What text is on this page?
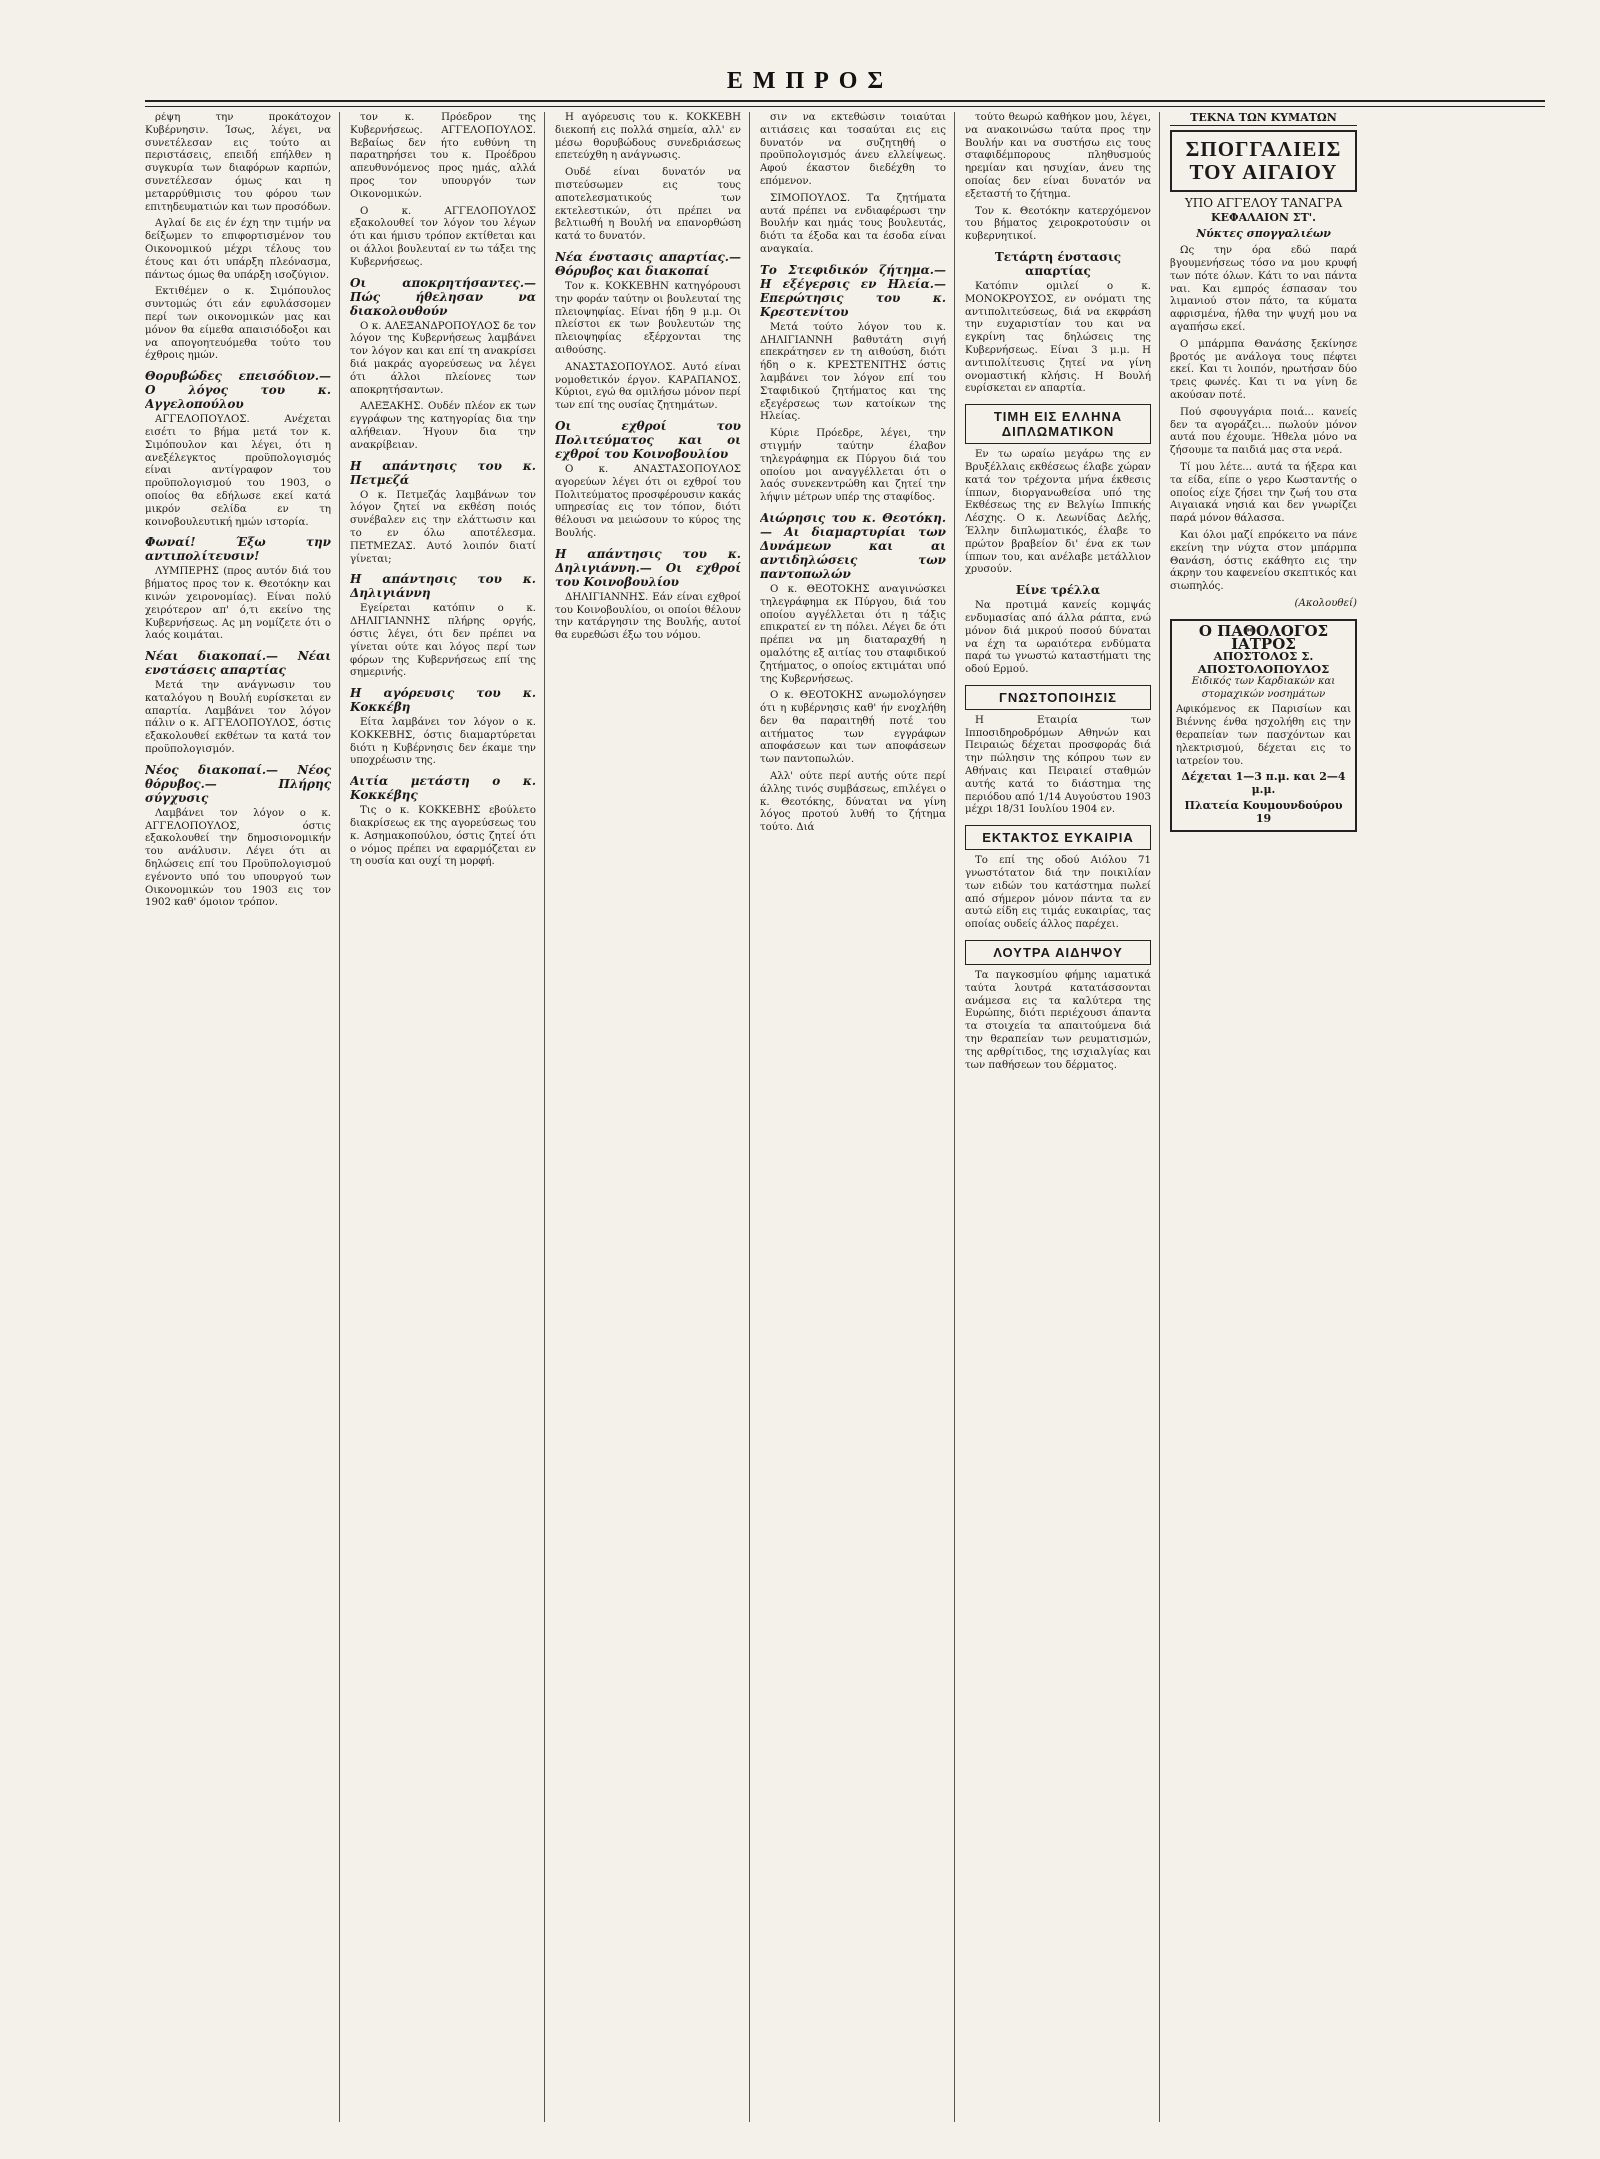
ΕΜΠΡΟΣ

ρέψη την προκάτοχον Κυβέρνησιν. Ίσως, λέγει, να συνετέλεσαν εις τούτο αι περιστάσεις, επειδή επήλθεν η συγκυρία των διαφόρων καρπών, συνετέλεσαν όμως και η μεταρρύθμισις του φόρου των επιτηδευματιών και των προσόδων.

Αγλαί δε εις έν έχη την τιμήν να δείξωμεν το επιφορτισμένον του Οικονομικού μέχρι τέλους του έτους και ότι υπάρξη πλεόνασμα, πάντως όμως θα υπάρξη ισοζύγιον.

Εκτιθέμεν ο κ. Σιμόπουλος συντομώς ότι εάν εφυλάσσομεν περί των οικονομικών μας και μόνον θα είμεθα απαισιόδοξοι και να απογοητευόμεθα τούτο του έχθροις ημών.

Θορυβώδες επεισόδιον.— Ο λόγος του κ. Αγγελοπούλου

ΑΓΓΕΛΟΠΟΥΛΟΣ. Ανέχεται εισέτι το βήμα μετά τον κ. Σιμόπουλον και λέγει, ότι η ανεξέλεγκτος προϋπολογισμός είναι αντίγραφον του προϋπολογισμού του 1903, ο οποίος θα εδήλωσε εκεί κατά μικρόν σελίδα εν τη κοινοβουλευτική ημών ιστορία.

Φωναί! Έξω την αντιπολίτευσιν!

ΛΥΜΠΕΡΗΣ (προς αυτόν διά του βήματος προς τον κ. Θεοτόκην και κινών χειρονομίας). Είναι πολύ χειρότερον απ' ό,τι εκείνο της Κυβερνήσεως. Ας μη νομίζετε ότι ο λαός κοιμάται.

Νέαι διακοπαί.— Νέαι ενστάσεις απαρτίας

Μετά την ανάγνωσιν του καταλόγου η Βουλή ευρίσκεται εν απαρτία. Λαμβάνει τον λόγον πάλιν ο κ. ΑΓΓΕΛΟΠΟΥΛΟΣ, όστις εξακολουθεί εκθέτων τα κατά τον προϋπολογισμόν.

Νέος διακοπαί.— Νέος θόρυβος.— Πλήρης σύγχυσις

Λαμβάνει τον λόγον ο κ. ΑΓΓΕΛΟΠΟΥΛΟΣ, όστις εξακολουθεί την δημοσιονομικήν του ανάλυσιν. Λέγει ότι αι δηλώσεις επί του Προϋπολογισμού εγένοντο υπό του υπουργού των Οικονομικών του 1903 εις τον 1902 καθ' όμοιον τρόπον.

τον κ. Πρόεδρον της Κυβερνήσεως. ΑΓΓΕΛΟΠΟΥΛΟΣ. Βεβαίως δεν ήτο ευθύνη τη παρατηρήσει του κ. Προέδρου απευθυνόμενος προς ημάς, αλλά προς τον υπουργόν των Οικονομικών.

Ο κ. ΑΓΓΕΛΟΠΟΥΛΟΣ εξακολουθεί τον λόγον του λέγων ότι και ήμισυ τρόπον εκτίθεται και οι άλλοι βουλευταί εν τω τάξει της Κυβερνήσεως.

Οι αποκρητήσαντες.— Πώς ήθελησαν να διακολουθούν

Ο κ. ΑΛΕΞΑΝΔΡΟΠΟΥΛΟΣ δε τον λόγον της Κυβερνήσεως λαμβάνει τον λόγον και και επί τη ανακρίσει διά μακράς αγορεύσεως να λέγει ότι άλλοι πλείονες των αποκρητήσαντων.

ΑΛΕΞΑΚΗΣ. Ουδέν πλέον εκ των εγγράφων της κατηγορίας δια την αλήθειαν. Ήγουν δια την ανακρίβειαν.

Η απάντησις του κ. Πετμεζά

Ο κ. Πετμεζάς λαμβάνων τον λόγον ζητεί να εκθέση ποιός συνέβαλεν εις την ελάττωσιν και το εν όλω αποτέλεσμα. ΠΕΤΜΕΖΑΣ. Αυτό λοιπόν διατί γίνεται;

Η απάντησις του κ. Δηλιγιάννη

Εγείρεται κατόπιν ο κ. ΔΗΛΙΓΙΑΝΝΗΣ πλήρης οργής, όστις λέγει, ότι δεν πρέπει να γίνεται ούτε και λόγος περί των φόρων της Κυβερνήσεως επί της σημερινής.

Η αγόρευσις του κ. Κοκκέβη

Είτα λαμβάνει τον λόγον ο κ. ΚΟΚΚΕΒΗΣ, όστις διαμαρτύρεται διότι η Κυβέρνησις δεν έκαμε την υποχρέωσιν της.

Αιτία μετάστη ο κ. Κοκκέβης

Τις ο κ. ΚΟΚΚΕΒΗΣ εβούλετο διακρίσεως εκ της αγορεύσεως του κ. Ασημακοπούλου, όστις ζητεί ότι ο νόμος πρέπει να εφαρμόζεται εν τη ουσία και ουχί τη μορφή.

Η αγόρευσις του κ. ΚΟΚΚΕΒΗ διεκοπή εις πολλά σημεία, αλλ' εν μέσω θορυβώδους συνεδριάσεως επετεύχθη η ανάγνωσις.

Ουδέ είναι δυνατόν να πιστεύσωμεν εις τους αποτελεσματικούς των εκτελεστικών, ότι πρέπει να βελτιωθή η Βουλή να επανορθώση κατά το δυνατόν.

Νέα ένστασις απαρτίας.— Θόρυβος και διακοπαί

Τον κ. ΚΟΚΚΕΒΗΝ κατηγόρουσι την φοράν ταύτην οι βουλευταί της πλειοψηφίας. Είναι ήδη 9 μ.μ. Οι πλείστοι εκ των βουλευτών της πλειοψηφίας εξέρχονται της αιθούσης.

ΑΝΑΣΤΑΣΟΠΟΥΛΟΣ. Αυτό είναι νομοθετικόν έργον. ΚΑΡΑΠΑΝΟΣ. Κύριοι, εγώ θα ομιλήσω μόνον περί των επί της ουσίας ζητημάτων.

Οι εχθροί του Πολιτεύματος και οι εχθροί του Κοινοβουλίου

Ο κ. ΑΝΑΣΤΑΣΟΠΟΥΛΟΣ αγορεύων λέγει ότι οι εχθροί του Πολιτεύματος προσφέρουσιν κακάς υπηρεσίας εις τον τόπον, διότι θέλουσι να μειώσουν το κύρος της Βουλής.

Η απάντησις του κ. Δηλιγιάννη.— Οι εχθροί του Κοινοβουλίου

ΔΗΛΙΓΙΑΝΝΗΣ. Εάν είναι εχθροί του Κοινοβουλίου, οι οποίοι θέλουν την κατάργησιν της Βουλής, αυτοί θα ευρεθώσι έξω του νόμου.

σιν να εκτεθώσιν τοιαύται αιτιάσεις και τοσαύται εις εις δυνατόν να συζητηθή ο προϋπολογισμός άνευ ελλείψεως. Αφού έκαστον διεδέχθη το επόμενον.

ΣΙΜΟΠΟΥΛΟΣ. Τα ζητήματα αυτά πρέπει να ενδιαφέρωσι την Βουλήν και ημάς τους βουλευτάς, διότι τα έξοδα και τα έσοδα είναι αναγκαία.

Το Στεφιδικόν ζήτημα.— Η εξέγερσις εν Ηλεία.— Επερώτησις του κ. Κρεστενίτου

Μετά τούτο λόγον του κ. ΔΗΛΙΓΙΑΝΝΗ βαθυτάτη σιγή επεκράτησεν εν τη αιθούση, διότι ήδη ο κ. ΚΡΕΣΤΕΝΙΤΗΣ όστις λαμβάνει τον λόγον επί του Σταφιδικού ζητήματος και της εξεγέρσεως των κατοίκων της Ηλείας.

Κύριε Πρόεδρε, λέγει, την στιγμήν ταύτην έλαβον τηλεγράφημα εκ Πύργου διά του οποίου μοι αναγγέλλεται ότι ο λαός συνεκεντρώθη και ζητεί την λήψιν μέτρων υπέρ της σταφίδος.

Αιώρησις του κ. Θεοτόκη.— Αι διαμαρτυρίαι των Δυνάμεων και αι αντιδηλώσεις των παντοπωλών

Ο κ. ΘΕΟΤΟΚΗΣ αναγινώσκει τηλεγράφημα εκ Πύργου, διά του οποίου αγγέλλεται ότι η τάξις επικρατεί εν τη πόλει. Λέγει δε ότι πρέπει να μη διαταραχθή η ομαλότης εξ αιτίας του σταφιδικού ζητήματος, ο οποίος εκτιμάται υπό της Κυβερνήσεως.

Ο κ. ΘΕΟΤΟΚΗΣ ανωμολόγησεν ότι η κυβέρνησις καθ' ήν ενοχλήθη δεν θα παραιτηθή ποτέ του αιτήματος των εγγράφων αποφάσεων και των αποφάσεων των παντοπωλών.

Αλλ' ούτε περί αυτής ούτε περί άλλης τινός συμβάσεως, επιλέγει ο κ. Θεοτόκης, δύναται να γίνη λόγος προτού λυθή το ζήτημα τούτο. Διά

τούτο θεωρώ καθήκον μου, λέγει, να ανακοινώσω ταύτα προς την Βουλήν και να συστήσω εις τους σταφιδέμπορους πληθυσμούς ηρεμίαν και ησυχίαν, άνευ της οποίας δεν είναι δυνατόν να εξεταστή το ζήτημα.

Τον κ. Θεοτόκην κατερχόμενον του βήματος χειροκροτούσιν οι κυβερνητικοί.

Τετάρτη ένστασις απαρτίας

Κατόπιν ομιλεί ο κ. ΜΟΝΟΚΡΟΥΣΟΣ, εν ονόματι της αντιπολιτεύσεως, διά να εκφράση την ευχαριστίαν του και να εγκρίνη τας δηλώσεις της Κυβερνήσεως. Είναι 3 μ.μ. Η αντιπολίτευσις ζητεί να γίνη ονομαστική κλήσις. Η Βουλή ευρίσκεται εν απαρτία.

ΤΙΜΗ ΕΙΣ ΕΛΛΗΝΑ ΔΙΠΛΩΜΑΤΙΚΟΝ

Εν τω ωραίω μεγάρω της εν Βρυξέλλαις εκθέσεως έλαβε χώραν κατά τον τρέχοντα μήνα έκθεσις ίππων, διοργανωθείσα υπό της Εκθέσεως της εν Βελγίω Ιππικής Λέσχης. Ο κ. Λεωνίδας Δελής, Έλλην διπλωματικός, έλαβε το πρώτον βραβείον δι' ένα εκ των ίππων του, και ανέλαβε μετάλλιον χρυσούν.

Είνε τρέλλα

Να προτιμά κανείς κομψάς ενδυμασίας από άλλα ράπτα, ενώ μόνον διά μικρού ποσού δύναται να έχη τα ωραιότερα ενδύματα παρά τω γνωστώ καταστήματι της οδού Ερμού.

ΓΝΩΣΤΟΠΟΙΗΣΙΣ

Η Εταιρία των Ιπποσιδηροδρόμων Αθηνών και Πειραιώς δέχεται προσφοράς διά την πώλησιν της κόπρου των εν Αθήναις και Πειραιεί σταθμών αυτής κατά το διάστημα της περιόδου από 1/14 Αυγούστου 1903 μέχρι 18/31 Ιουλίου 1904 εν.

ΕΚΤΑΚΤΟΣ ΕΥΚΑΙΡΙΑ

Το επί της οδού Αιόλου 71 γνωστότατον διά την ποικιλίαν των ειδών του κατάστημα πωλεί από σήμερον μόνον πάντα τα εν αυτώ είδη εις τιμάς ευκαιρίας, τας οποίας ουδείς άλλος παρέχει.

ΛΟΥΤΡΑ ΑΙΔΗΨΟΥ

Τα παγκοσμίου φήμης ιαματικά ταύτα λουτρά κατατάσσονται ανάμεσα εις τα καλύτερα της Ευρώπης, διότι περιέχουσι άπαντα τα στοιχεία τα απαιτούμενα διά την θεραπείαν των ρευματισμών, της αρθρίτιδος, της ισχιαλγίας και των παθήσεων του δέρματος.

ΤΕΚΝΑ ΤΩΝ ΚΥΜΑΤΩΝ
ΣΠΟΓΓΑΛΙΕΙΣ ΤΟΥ ΑΙΓΑΙΟΥ
ΥΠΟ ΑΓΓΕΛΟΥ ΤΑΝΑΓΡΑ
ΚΕΦΑΛΑΙΟΝ ΣΤ'.
Νύκτες σπογγαλιέων

Ως την όρα εδώ παρά βγουμενήσεως τόσο να μου κρυφή των πότε όλων. Κάτι το ναι πάντα ναι. Και εμπρός έσπασαν του λιμανιού στον πάτο, τα κύματα αφρισμένα, ήλθα την ψυχή μου να αγαπήσω εκεί.

Ο μπάρμπα Θανάσης ξεκίνησε βροτός με ανάλογα τους πέφτει εκεί. Και τι λοιπόν, ηρωτήσαν δύο τρεις φωνές. Και τι να γίνη δε ακούσαν ποτέ.

Πού σφουγγάρια ποιά... κανείς δεν τα αγοράζει... πωλούν μόνον αυτά που έχουμε. Ήθελα μόνο να ζήσουμε τα παιδιά μας στα νερά.

Τί μου λέτε... αυτά τα ήξερα και τα είδα, είπε ο γερο Κωσταντής ο οποίος είχε ζήσει την ζωή του στα Αιγαιακά νησιά και δεν γνωρίζει παρά μόνον θάλασσα.

Και όλοι μαζί επρόκειτο να πάνε εκείνη την νύχτα στον μπάρμπα Θανάση, όστις εκάθητο εις την άκρην του καφενείου σκεπτικός και σιωπηλός.

(Ακολουθεί)
Ο ΠΑΘΟΛΟΓΟΣ ΙΑΤΡΟΣ
ΑΠΟΣΤΟΛΟΣ Σ. ΑΠΟΣΤΟΛΟΠΟΥΛΟΣ
Ειδικός των Καρδιακών και στομαχικών νοσημάτων
Αφικόμενος εκ Παρισίων και Βιέννης ένθα ησχολήθη εις την θεραπείαν των πασχόντων και ηλεκτρισμού, δέχεται εις το ιατρείον του.
Δέχεται 1—3 π.μ. και 2—4 μ.μ.
Πλατεία Κουμουνδούρου 19
